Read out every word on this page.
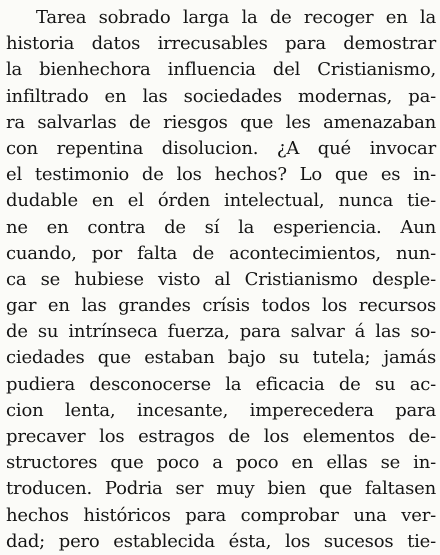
Tarea sobrado larga la de recoger en la
historia datos irrecusables para demostrar
la bienhechora influencia del Cristianismo,
infiltrado en las sociedades modernas, pa-
ra salvarlas de riesgos que les amenazaban
con repentina disolucion. ¿A qué invocar
el testimonio de los hechos? Lo que es in-
dudable en el órden intelectual, nunca tie-
ne en contra de sí la esperiencia. Aun
cuando, por falta de acontecimientos, nun-
ca se hubiese visto al Cristianismo desple-
gar en las grandes crísis todos los recursos
de su intrínseca fuerza, para salvar á las so-
ciedades que estaban bajo su tutela; jamás
pudiera desconocerse la eficacia de su ac-
cion lenta, incesante, imperecedera para
precaver los estragos de los elementos de-
structores que poco a poco en ellas se in-
troducen. Podria ser muy bien que faltasen
hechos históricos para comprobar una ver-
dad; pero establecida ésta, los sucesos tie-
